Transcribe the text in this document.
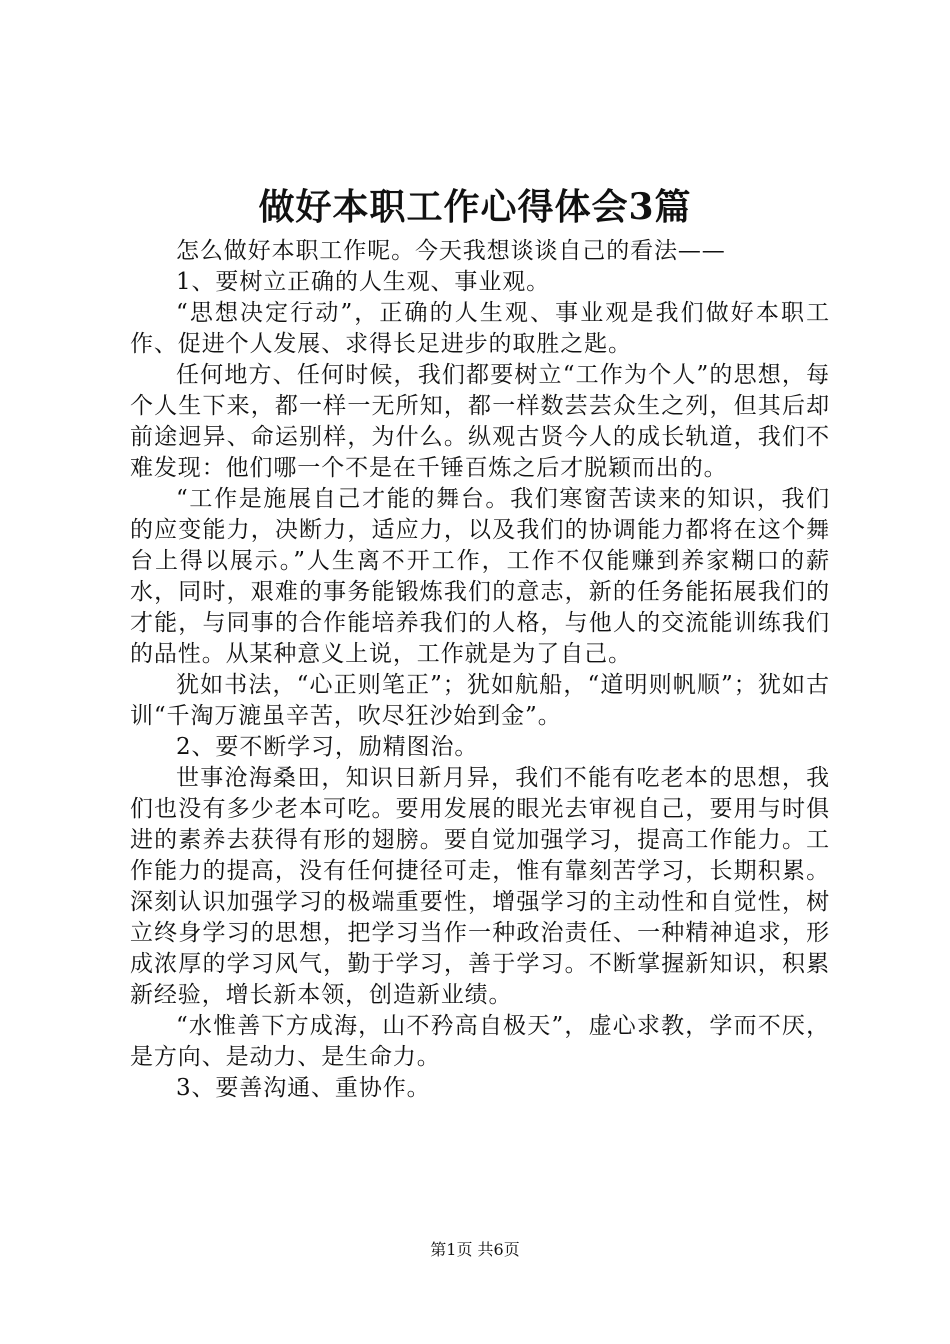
做好本职工作心得体会3篇

怎么做好本职工作呢。今天我想谈谈自己的看法——

1、要树立正确的人生观、事业观。

“思想决定行动”，正确的人生观、事业观是我们做好本职工作、促进个人发展、求得长足进步的取胜之匙。

任何地方、任何时候，我们都要树立“工作为个人”的思想，每个人生下来，都一样一无所知，都一样数芸芸众生之列，但其后却前途迥异、命运别样，为什么。纵观古贤今人的成长轨道，我们不难发现：他们哪一个不是在千锤百炼之后才脱颖而出的。

“工作是施展自己才能的舞台。我们寒窗苦读来的知识，我们的应变能力，决断力，适应力，以及我们的协调能力都将在这个舞台上得以展示。”人生离不开工作，工作不仅能赚到养家糊口的薪水，同时，艰难的事务能锻炼我们的意志，新的任务能拓展我们的才能，与同事的合作能培养我们的人格，与他人的交流能训练我们的品性。从某种意义上说，工作就是为了自己。

犹如书法，“心正则笔正”；犹如航船，“道明则帆顺”；犹如古训“千淘万漉虽辛苦，吹尽狂沙始到金”。

2、要不断学习，励精图治。

世事沧海桑田，知识日新月异，我们不能有吃老本的思想，我们也没有多少老本可吃。要用发展的眼光去审视自己，要用与时俱进的素养去获得有形的翅膀。要自觉加强学习，提高工作能力。工作能力的提高，没有任何捷径可走，惟有靠刻苦学习，长期积累。深刻认识加强学习的极端重要性，增强学习的主动性和自觉性，树立终身学习的思想，把学习当作一种政治责任、一种精神追求，形成浓厚的学习风气，勤于学习，善于学习。不断掌握新知识，积累新经验，增长新本领，创造新业绩。

“水惟善下方成海，山不矜高自极天”，虚心求教，学而不厌，是方向、是动力、是生命力。

3、要善沟通、重协作。

第1页 共6页
